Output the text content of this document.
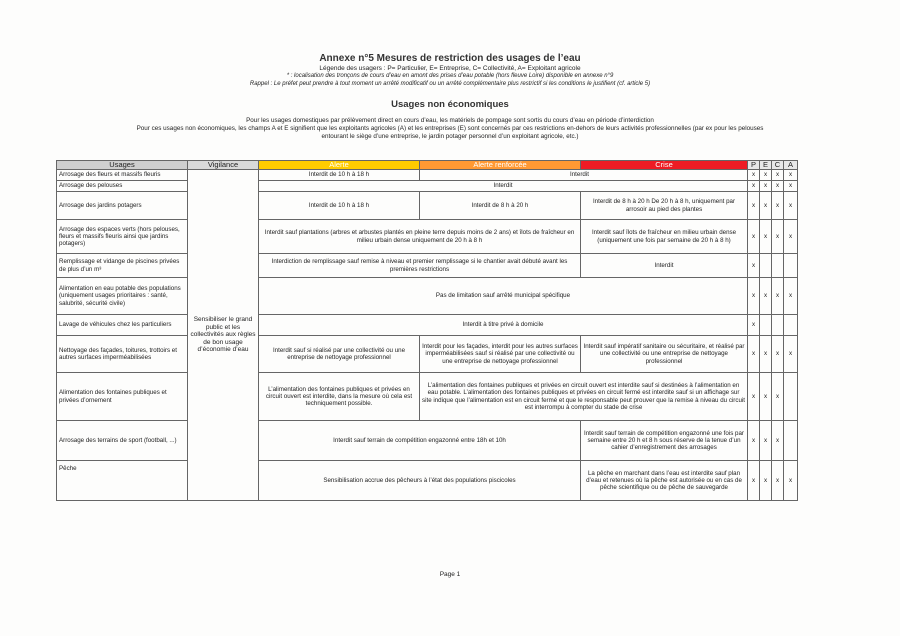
Annexe n°5 Mesures de restriction des usages de l’eau
Légende des usagers : P= Particulier, E= Entreprise, C= Collectivité, A= Exploitant agricole
* : localisation des tronçons de cours d’eau en amont des prises d’eau potable (hors fleuve Loire) disponible en annexe n°9
Rappel : Le préfet peut prendre à tout moment un arrêté modificatif ou un arrêté complémentaire plus restrictif si les conditions le justifient (cf. article 5)
Usages non économiques
Pour les usages domestiques par prélèvement direct en cours d’eau, les matériels de pompage sont sortis du cours d’eau en période d’interdiction
Pour ces usages non économiques, les champs A et E signifient que les exploitants agricoles (A) et les entreprises (E) sont concernés par ces restrictions en-dehors de leurs activités professionnelles (par ex pour les pelouses
entourant le siège d’une entreprise, le jardin potager personnel d’un exploitant agricole, etc.)
Usages	Vigilance	Alerte	Alerte renforcée	Crise	P	E	C	A
Arrosage des fleurs et massifs fleuris	Sensibiliser le grand public et les collectivités aux règles de bon usage d’économie d’eau	Interdit de 10 h à 18 h	Interdit		x	x	x	x
Arrosage des pelouses		Interdit			x	x	x	x
Arrosage des jardins potagers		Interdit de 10 h à 18 h	Interdit de 8 h à 20 h	Interdit de 8 h à 20 h De 20 h à 8 h, uniquement par arrosoir au pied des plantes	x	x	x	x
Arrosage des espaces verts (hors pelouses, fleurs et massifs fleuris ainsi que jardins potagers)		Interdit sauf plantations (arbres et arbustes plantés en pleine terre depuis moins de 2 ans) et îlots de fraîcheur en milieu urbain dense uniquement de 20 h à 8 h		Interdit sauf îlots de fraîcheur en milieu urbain dense (uniquement une fois par semaine de 20 h à 8 h)	x	x	x	x
Remplissage et vidange de piscines privées de plus d’un m³		Interdiction de remplissage sauf remise à niveau et premier remplissage si le chantier avait débuté avant les premières restrictions		Interdit	x			
Alimentation en eau potable des populations (uniquement usages prioritaires : santé, salubrité, sécurité civile)		Pas de limitation sauf arrêté municipal spécifique			x	x	x	x
Lavage de véhicules chez les particuliers		Interdit à titre privé à domicile			x			
Nettoyage des façades, toitures, trottoirs et autres surfaces imperméabilisées		Interdit sauf si réalisé par une collectivité ou une entreprise de nettoyage professionnel	Interdit pour les façades, interdit pour les autres surfaces imperméabilisées sauf si réalisé par une collectivité ou une entreprise de nettoyage professionnel	Interdit sauf impératif sanitaire ou sécuritaire, et réalisé par une collectivité ou une entreprise de nettoyage professionnel	x	x	x	x
Alimentation des fontaines publiques et privées d’ornement		L’alimentation des fontaines publiques et privées en circuit ouvert est interdite, dans la mesure où cela est techniquement possible.	L’alimentation des fontaines publiques et privées en circuit ouvert est interdite sauf si destinées à l’alimentation en eau potable. L’alimentation des fontaines publiques et privées en circuit fermé est interdite sauf si un affichage sur site indique que l’alimentation est en circuit fermé et que le responsable peut prouver que la remise à niveau du circuit est interrompu à compter du stade de crise		x	x	x	
Arrosage des terrains de sport (football, ...)		Interdit sauf terrain de compétition engazonné entre 18h et 10h		Interdit sauf terrain de compétition engazonné une fois par semaine entre 20 h et 8 h sous réserve de la tenue d’un cahier d’enregistrement des arrosages	x	x	x	
Pêche		Sensibilisation accrue des pêcheurs à l’état des populations piscicoles		La pêche en marchant dans l’eau est interdite sauf plan d’eau et retenues où la pêche est autorisée ou en cas de pêche scientifique ou de pêche de sauvegarde	x	x	x	x
Page 1
